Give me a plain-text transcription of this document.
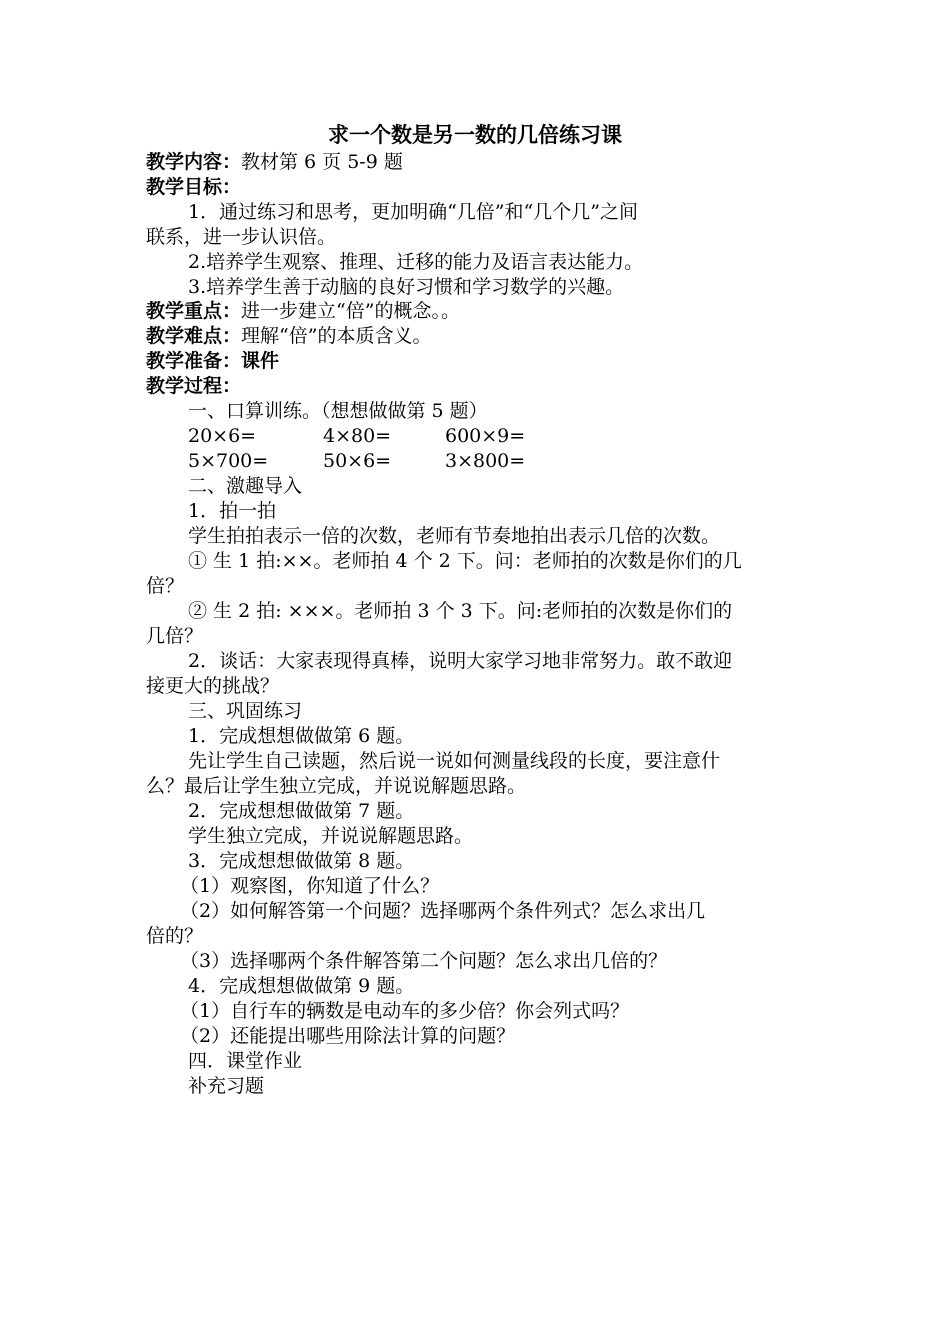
求一个数是另一数的几倍练习课
教学内容：教材第 6 页 5-9 题
教学目标：
1．通过练习和思考，更加明确“几倍”和“几个几”之间
联系，进一步认识倍。
2.培养学生观察、推理、迁移的能力及语言表达能力。
3.培养学生善于动脑的良好习惯和学习数学的兴趣。
教学重点：进一步建立“倍”的概念。。
教学难点：理解“倍”的本质含义。
教学准备：课件
教学过程：
一、口算训练。（想想做做第 5 题）
20×6=	4×80=	600×9=
5×700=	50×6=	3×800=
二、激趣导入
1．拍一拍
学生拍拍表示一倍的次数，老师有节奏地拍出表示几倍的次数。
① 生 1 拍:××。老师拍 4 个 2 下。问：老师拍的次数是你们的几
倍？
② 生 2 拍: ×××。老师拍 3 个 3 下。问:老师拍的次数是你们的
几倍？
2．谈话：大家表现得真棒，说明大家学习地非常努力。敢不敢迎
接更大的挑战？
三、巩固练习
1．完成想想做做第 6 题。
先让学生自己读题，然后说一说如何测量线段的长度，要注意什
么？最后让学生独立完成，并说说解题思路。
2．完成想想做做第 7 题。
学生独立完成，并说说解题思路。
3．完成想想做做第 8 题。
（1）观察图，你知道了什么？
（2）如何解答第一个问题？选择哪两个条件列式？怎么求出几
倍的？
（3）选择哪两个条件解答第二个问题？怎么求出几倍的？
4．完成想想做做第 9 题。
（1）自行车的辆数是电动车的多少倍？你会列式吗？
（2）还能提出哪些用除法计算的问题？
四．课堂作业
补充习题
